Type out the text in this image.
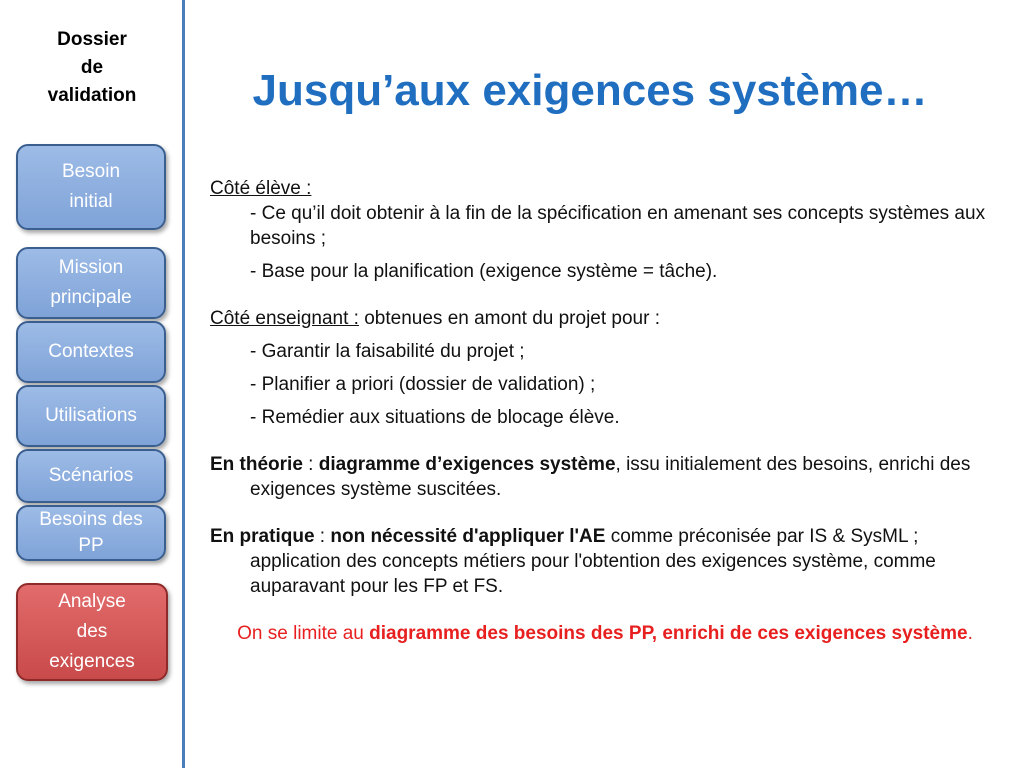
Dossier
de
validation
Besoin
initial
Mission
principale
Contextes
Utilisations
Scénarios
Besoins des
PP
Analyse
des
exigences
Jusqu’aux exigences système…

Côté élève :

- Ce qu’il doit obtenir à la fin de la spécification en amenant ses concepts systèmes aux besoins ;

- Base pour la planification (exigence système = tâche).

Côté enseignant : obtenues en amont du projet pour :

- Garantir la faisabilité du projet ;

- Planifier a priori (dossier de validation) ;

- Remédier aux situations de blocage élève.

En théorie : diagramme d’exigences système, issu initialement des besoins, enrichi des exigences système suscitées.

En pratique : non nécessité d'appliquer l'AE comme préconisée par IS & SysML ; application des concepts métiers pour l'obtention des exigences système, comme auparavant pour les FP et FS.

On se limite au diagramme des besoins des PP, enrichi de ces exigences système.
